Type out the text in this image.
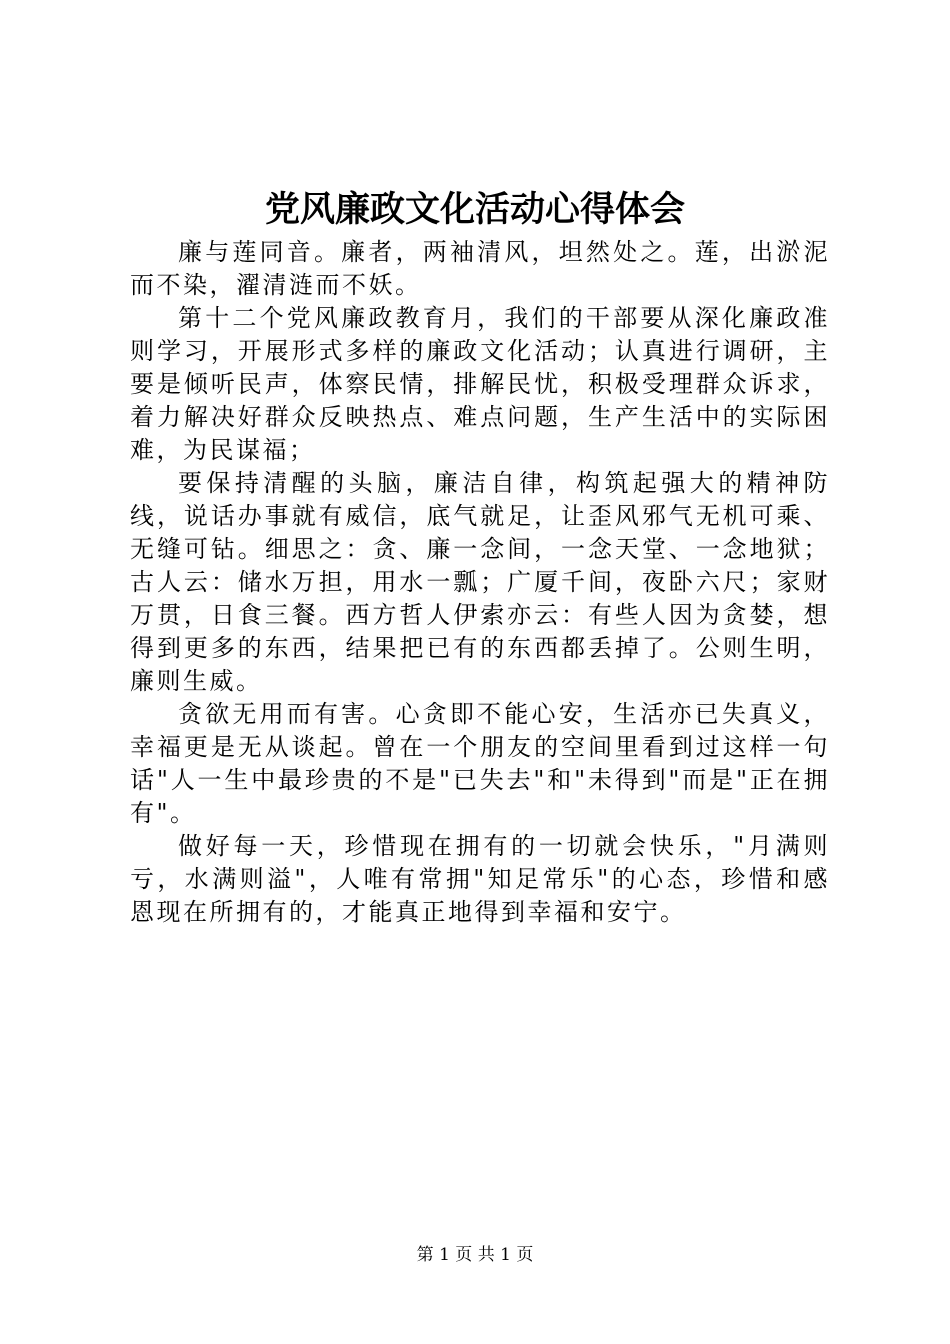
党风廉政文化活动心得体会

廉与莲同音。廉者，两袖清风，坦然处之。莲，出淤泥而不染，濯清涟而不妖。

第十二个党风廉政教育月，我们的干部要从深化廉政准则学习，开展形式多样的廉政文化活动；认真进行调研，主要是倾听民声，体察民情，排解民忧，积极受理群众诉求，着力解决好群众反映热点、难点问题，生产生活中的实际困难，为民谋福；

要保持清醒的头脑，廉洁自律，构筑起强大的精神防线，说话办事就有威信，底气就足，让歪风邪气无机可乘、无缝可钻。细思之：贪、廉一念间，一念天堂、一念地狱；古人云：储水万担，用水一瓢；广厦千间，夜卧六尺；家财万贯，日食三餐。西方哲人伊索亦云：有些人因为贪婪，想得到更多的东西，结果把已有的东西都丢掉了。公则生明，廉则生威。

贪欲无用而有害。心贪即不能心安，生活亦已失真义，幸福更是无从谈起。曾在一个朋友的空间里看到过这样一句话"人一生中最珍贵的不是"已失去"和"未得到"而是"正在拥有"。

做好每一天，珍惜现在拥有的一切就会快乐，"月满则亏，水满则溢"，人唯有常拥"知足常乐"的心态，珍惜和感恩现在所拥有的，才能真正地得到幸福和安宁。

第 1 页 共 1 页
